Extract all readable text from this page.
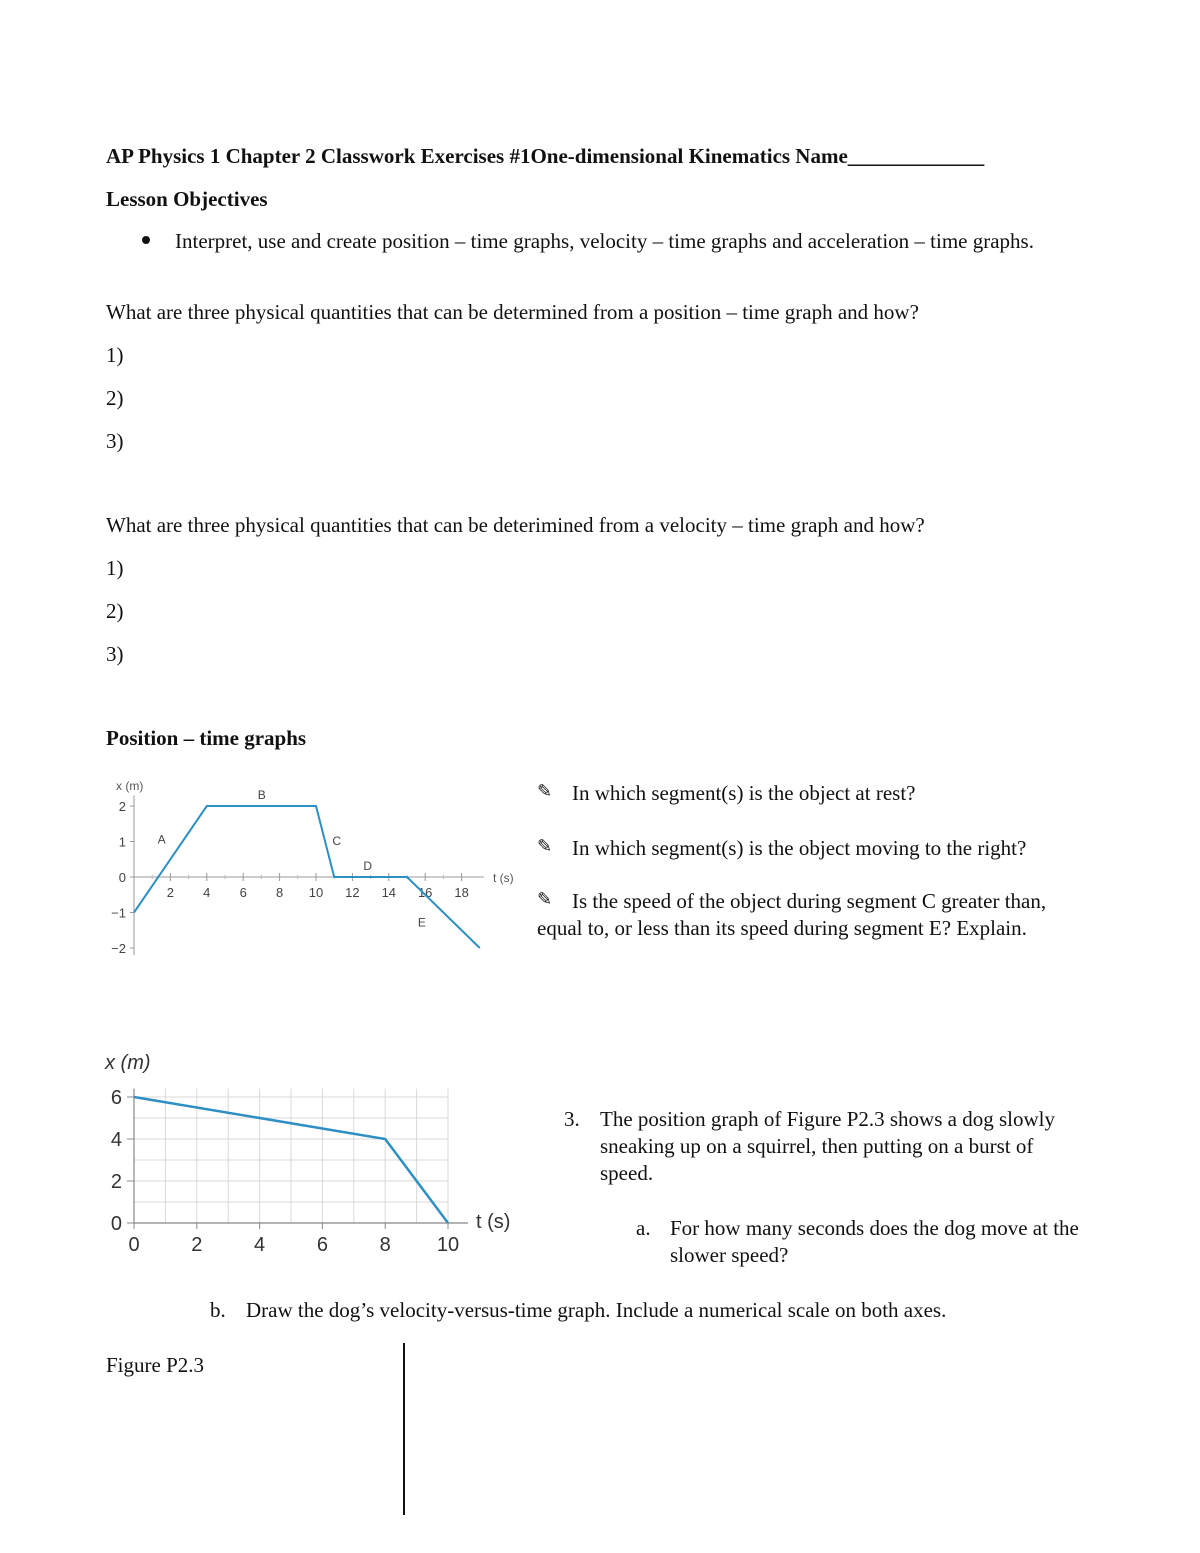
AP Physics 1 Chapter 2 Classwork Exercises #1One-dimensional Kinematics Name_____________
Lesson Objectives
Interpret, use and create position – time graphs, velocity – time graphs and acceleration – time graphs.
What are three physical quantities that can be determined from a position – time graph and how?
1)
2)
3)
What are three physical quantities that can be deterimined from a velocity – time graph and how?
1)
2)
3)
Position – time graphs
x (m)
t (s)
2
1
0
−1
−2
2 4 6 8 10 12 14 16 18
A
B
C
D
E
✎ In which segment(s) is the object at rest?
✎ In which segment(s) is the object moving to the right?
✎ Is the speed of the object during segment C greater than, equal to, or less than its speed during segment E? Explain.
x (m)
t (s)
0
2
4
6
0	2	4	6	8 10
3. The position graph of Figure P2.3 shows a dog slowly sneaking up on a squirrel, then putting on a burst of speed.
a. For how many seconds does the dog move at the slower speed?
b. Draw the dog’s velocity-versus-time graph. Include a numerical scale on both axes.
Figure P2.3
